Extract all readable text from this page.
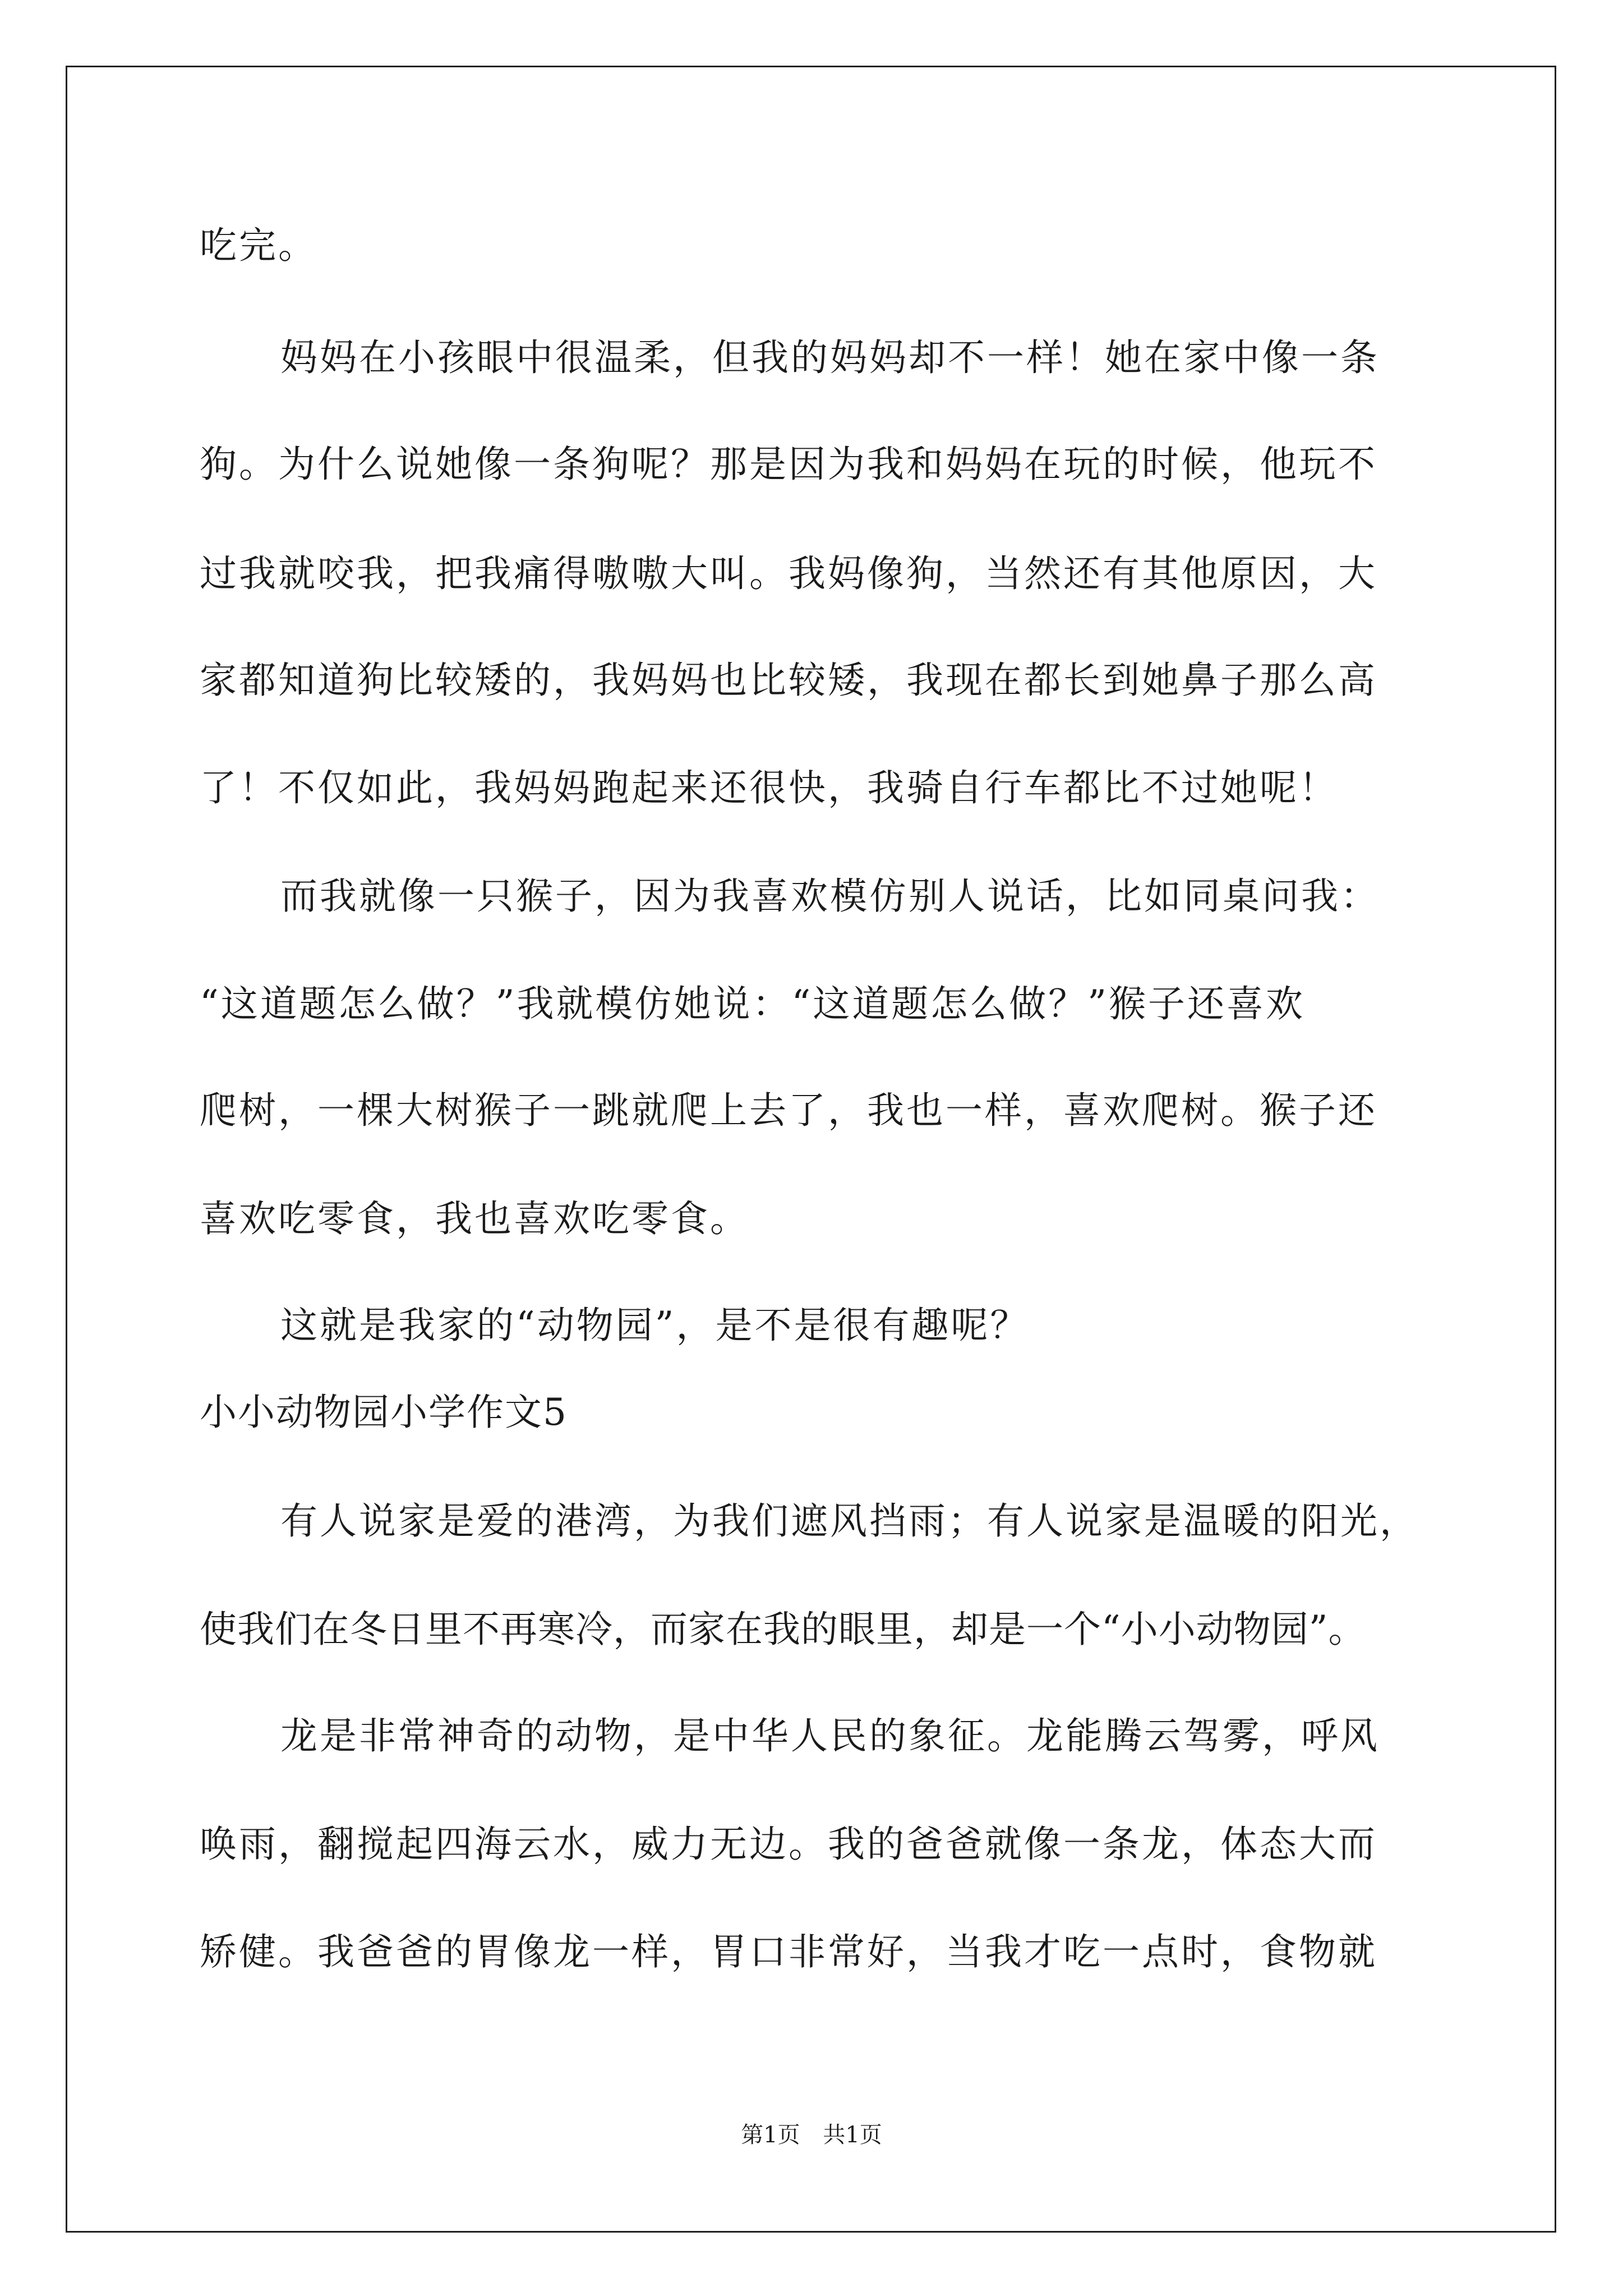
吃完。
妈妈在小孩眼中很温柔，但我的妈妈却不一样！她在家中像一条
狗。为什么说她像一条狗呢？那是因为我和妈妈在玩的时候，他玩不
过我就咬我，把我痛得嗷嗷大叫。我妈像狗，当然还有其他原因，大
家都知道狗比较矮的，我妈妈也比较矮，我现在都长到她鼻子那么高
了！不仅如此，我妈妈跑起来还很快，我骑自行车都比不过她呢！
而我就像一只猴子，因为我喜欢模仿别人说话，比如同桌问我：
“这道题怎么做？”我就模仿她说：“这道题怎么做？”猴子还喜欢
爬树，一棵大树猴子一跳就爬上去了，我也一样，喜欢爬树。猴子还
喜欢吃零食，我也喜欢吃零食。
这就是我家的“动物园”，是不是很有趣呢？
小小动物园小学作文5
有人说家是爱的港湾，为我们遮风挡雨；有人说家是温暖的阳光，
使我们在冬日里不再寒冷，而家在我的眼里，却是一个“小小动物园”。
龙是非常神奇的动物，是中华人民的象征。龙能腾云驾雾，呼风
唤雨，翻搅起四海云水，威力无边。我的爸爸就像一条龙，体态大而
矫健。我爸爸的胃像龙一样，胃口非常好，当我才吃一点时，食物就
第1页 共1页
